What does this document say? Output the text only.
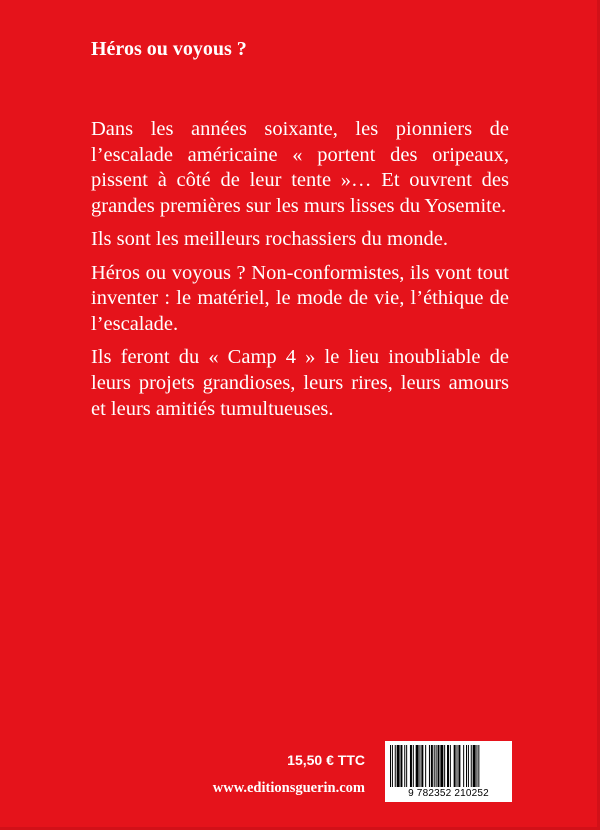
Héros ou voyous ?

Dans les années soixante, les pionniers de l’escalade américaine « portent des oripeaux, pissent à côté de leur tente »… Et ouvrent des grandes premières sur les murs lisses du Yosemite.

Ils sont les meilleurs rochassiers du monde.

Héros ou voyous ? Non-conformistes, ils vont tout inventer : le matériel, le mode de vie, l’éthique de l’escalade.

Ils feront du « Camp 4 » le lieu inoubliable de leurs projets grandioses, leurs rires, leurs amours et leurs amitiés tumultueuses.

15,50 € TTC
www.editionsguerin.com	9 782352 210252
